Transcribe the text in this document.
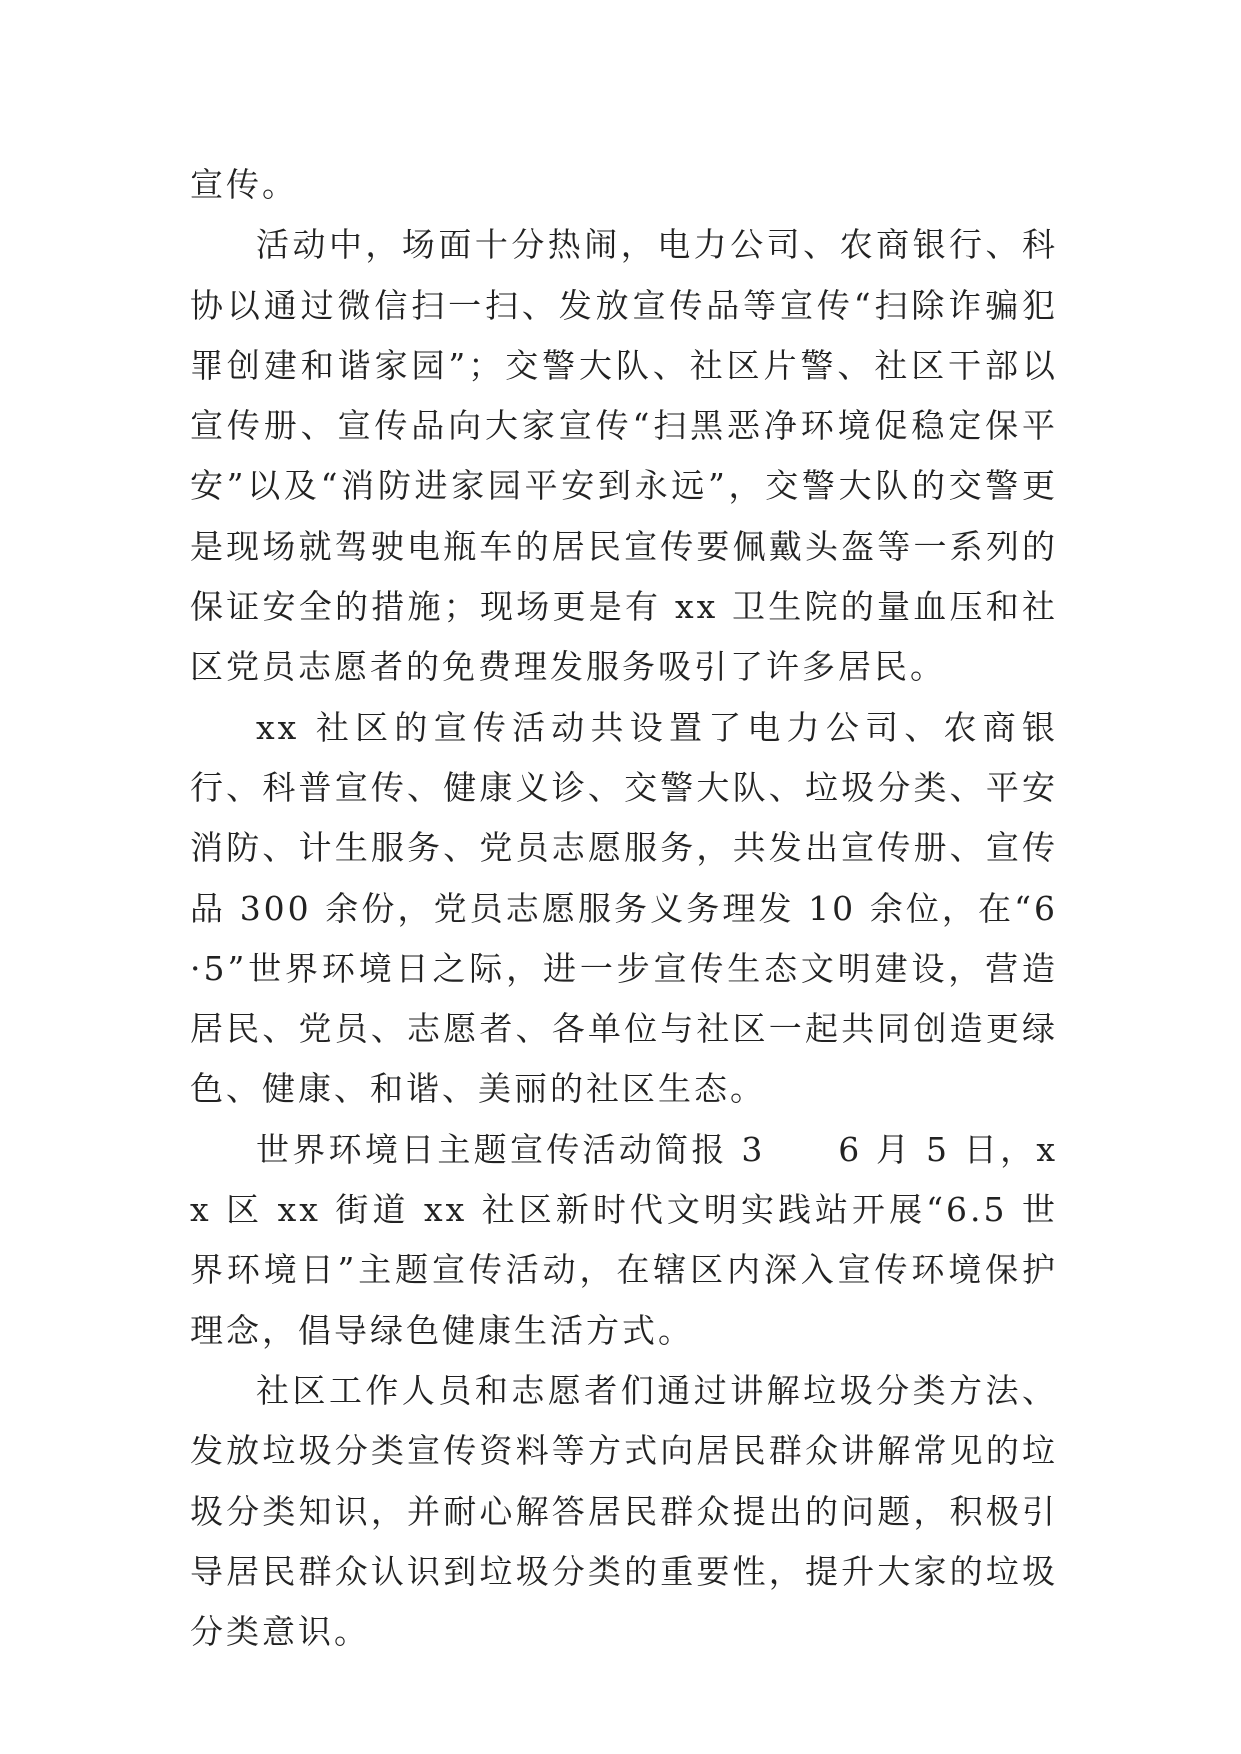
宣传。

活动中，场面十分热闹，电力公司、农商银行、科协以通过微信扫一扫、发放宣传品等宣传“扫除诈骗犯罪创建和谐家园”；交警大队、社区片警、社区干部以宣传册、宣传品向大家宣传“扫黑恶净环境促稳定保平安”以及“消防进家园平安到永远”，交警大队的交警更是现场就驾驶电瓶车的居民宣传要佩戴头盔等一系列的保证安全的措施；现场更是有 xx 卫生院的量血压和社区党员志愿者的免费理发服务吸引了许多居民。

xx 社区的宣传活动共设置了电力公司、农商银行、科普宣传、健康义诊、交警大队、垃圾分类、平安消防、计生服务、党员志愿服务，共发出宣传册、宣传品 300 余份，党员志愿服务义务理发 10 余位，在“6·5”世界环境日之际，进一步宣传生态文明建设，营造居民、党员、志愿者、各单位与社区一起共同创造更绿色、健康、和谐、美丽的社区生态。

世界环境日主题宣传活动简报 3　　6 月 5 日，xx 区 xx 街道 xx 社区新时代文明实践站开展“6.5 世界环境日”主题宣传活动，在辖区内深入宣传环境保护理念，倡导绿色健康生活方式。

社区工作人员和志愿者们通过讲解垃圾分类方法、发放垃圾分类宣传资料等方式向居民群众讲解常见的垃圾分类知识，并耐心解答居民群众提出的问题，积极引导居民群众认识到垃圾分类的重要性，提升大家的垃圾分类意识。
